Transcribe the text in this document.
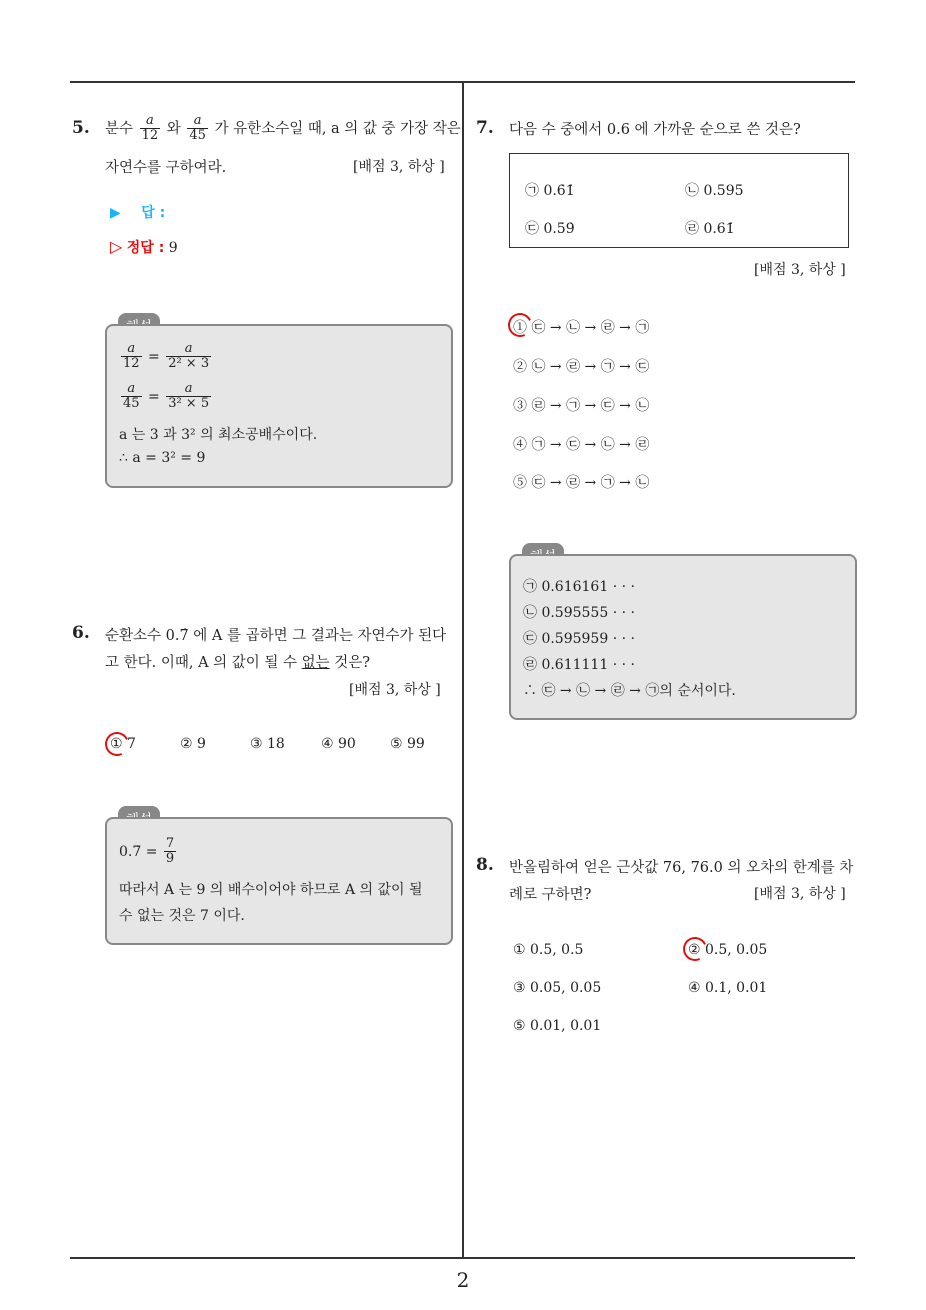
5. 분수 $\frac{a}{12}$ 와 $\frac{a}{45}$ 가 유한소수일 때, a 의 값 중 가장 작은
자연수를 구하여라.	[배점 3, 하상 ]
▶ 답 :
▷ 정답 : 9
$\frac{a}{12} = \frac{a}{\text{2² × 3}}$
$\frac{a}{45} = \frac{a}{\text{3² × 5}}$
a 는 3 과 3² 의 최소공배수이다.
∴ a = 3² = 9
6. 순환소수 0.7̇ 에 A 를 곱하면 그 결과는 자연수가 된다
고 한다. 이때, A 의 값이 될 수 없는 것은?
[배점 3, 하상 ]
① 7	② 9	③ 18	④ 90 ⑤ 99
0.7̇ = $\frac{7}{9}$
따라서 A 는 9 의 배수이어야 하므로 A 의 값이 될
수 없는 것은 7 이다.
7. 다음 수 중에서 0.6 에 가까운 순으로 쓴 것은?
㉠ 0.6̇1̇	㉡ 0.595̇
㉢ 0.5̇9̇	㉣ 0.61̇
[배점 3, 하상 ]
① ㉢ → ㉡ → ㉣ → ㉠
② ㉡ → ㉣ → ㉠ → ㉢
③ ㉣ → ㉠ → ㉢ → ㉡
④ ㉠ → ㉢ → ㉡ → ㉣
⑤ ㉢ → ㉣ → ㉠ → ㉡
㉠ 0.616161 · · ·
㉡ 0.595555 · · ·
㉢ 0.595959 · · ·
㉣ 0.611111 · · ·
∴ ㉢ → ㉡ → ㉣ → ㉠의 순서이다.
8. 반올림하여 얻은 근삿값 76, 76.0 의 오차의 한계를 차
례로 구하면?	[배점 3, 하상 ]
① 0.5, 0.5	② 0.5, 0.05
③ 0.05, 0.05	④ 0.1, 0.01
⑤ 0.01, 0.01
2
